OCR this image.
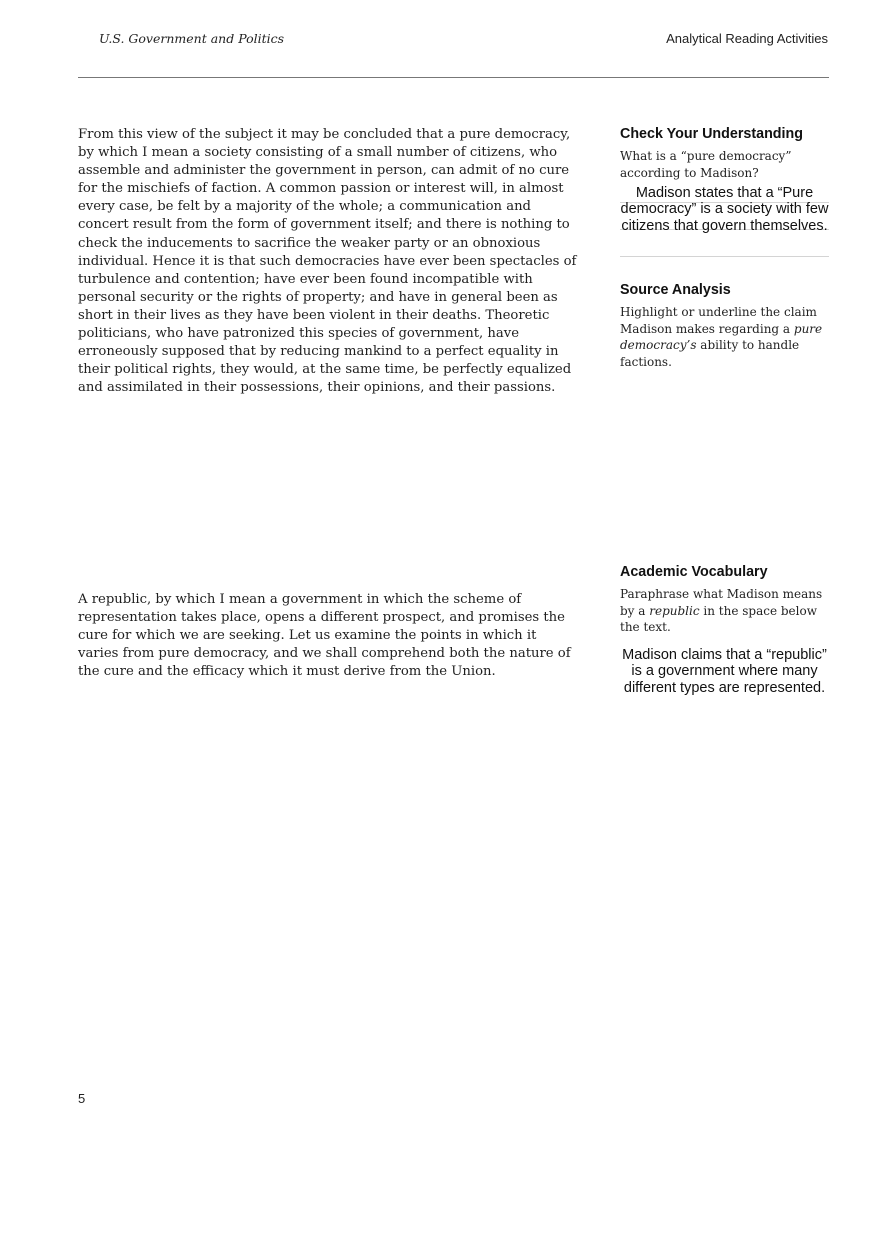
U.S. Government and Politics	Analytical Reading Activities

From this view of the subject it may be concluded that a pure democracy, by which I mean a society consisting of a small number of citizens, who assemble and administer the government in person, can admit of no cure for the mischiefs of faction. A common passion or interest will, in almost every case, be felt by a majority of the whole; a communication and concert result from the form of government itself; and there is nothing to check the inducements to sacrifice the weaker party or an obnoxious individual. Hence it is that such democracies have ever been spectacles of turbulence and contention; have ever been found incompatible with personal security or the rights of property; and have in general been as short in their lives as they have been violent in their deaths. Theoretic politicians, who have patronized this species of government, have erroneously supposed that by reducing mankind to a perfect equality in their political rights, they would, at the same time, be perfectly equalized and assimilated in their possessions, their opinions, and their passions.

A republic, by which I mean a government in which the scheme of representation takes place, opens a different prospect, and promises the cure for which we are seeking. Let us examine the points in which it varies from pure democracy, and we shall comprehend both the nature of the cure and the efficacy which it must derive from the Union.

Check Your Understanding

What is a “pure democracy” according to Madison?

Madison states that a “Pure democracy” is a society with few citizens that govern themselves.

Source Analysis

Highlight or underline the claim Madison makes regarding a pure democracy’s ability to handle factions.

Academic Vocabulary

Paraphrase what Madison means by a republic in the space below the text.

Madison claims that a “republic” is a government where many different types are represented.

5
